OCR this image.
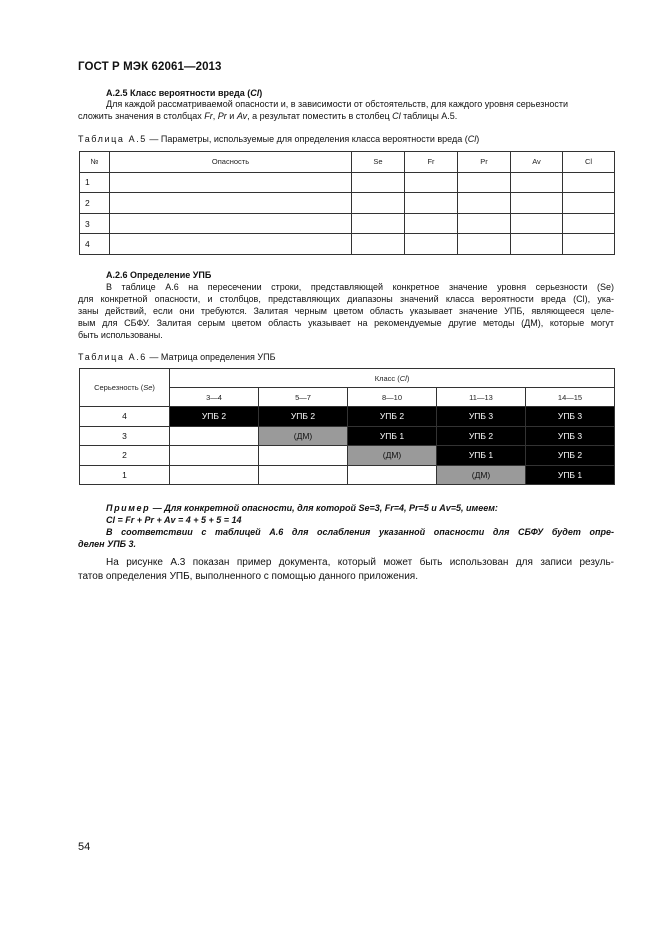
ГОСТ Р МЭК 62061—2013
А.2.5 Класс вероятности вреда (Cl)
Для каждой рассматриваемой опасности и, в зависимости от обстоятельств, для каждого уровня серьезности
сложить значения в столбцах Fr, Pr и Av, а результат поместить в столбец Cl таблицы А.5.
Таблица А.5 — Параметры, используемые для определения класса вероятности вреда (Cl)
№	Опасность	Se	Fr	Pr	Av	Cl
1						
2						
3						
4						
А.2.6 Определение УПБ
В таблице А.6 на пересечении строки, представляющей конкретное значение уровня серьезности (Se)
для конкретной опасности, и столбцов, представляющих диапазоны значений класса вероятности вреда (Cl), ука-
заны действий, если они требуются. Залитая черным цветом область указывает значение УПБ, являющееся целе-
вым для СБФУ. Залитая серым цветом область указывает на рекомендуемые другие методы (ДМ), которые могут
быть использованы.
Таблица А.6 — Матрица определения УПБ
Серьезность (Se)	Класс (Cl)				
	3—4	5—7	8—10	11—13	14—15
4	УПБ 2	УПБ 2	УПБ 2	УПБ 3	УПБ 3
3		(ДМ)	УПБ 1	УПБ 2	УПБ 3
2			(ДМ)	УПБ 1	УПБ 2
1				(ДМ)	УПБ 1
Пример — Для конкретной опасности, для которой Se=3, Fr=4, Pr=5 и Av=5, имеем:
Cl = Fr + Pr + Av = 4 + 5 + 5 = 14
В соответствии с таблицей А.6 для ослабления указанной опасности для СБФУ будет опре-
делен УПБ 3.
На рисунке А.3 показан пример документа, который может быть использован для записи резуль-
татов определения УПБ, выполненного с помощью данного приложения.
54
